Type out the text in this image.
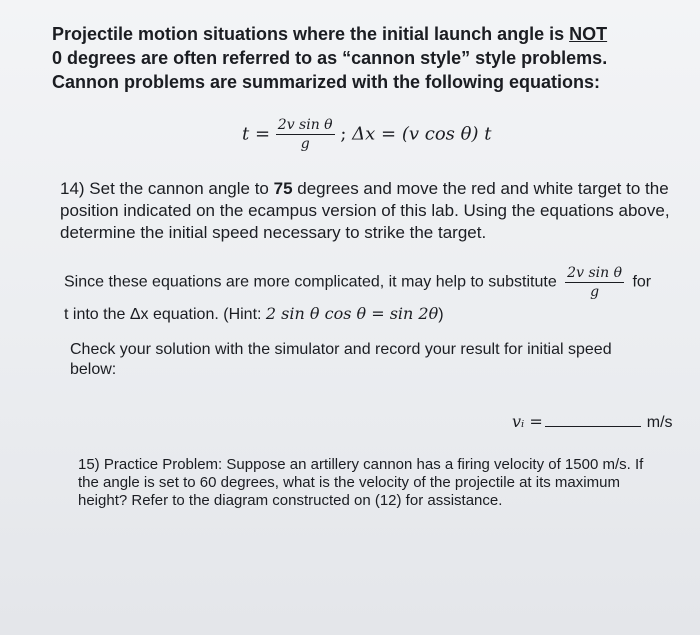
Projectile motion situations where the initial launch angle is NOT
0 degrees are often referred to as “cannon style” style problems.
Cannon problems are summarized with the following equations:
$t = \frac{\text{2v sin θ}}{g}$ ; Δx = (v cos θ) t
14) Set the cannon angle to 75 degrees and move the red and white target to the position indicated on the ecampus version of this lab. Using the equations above, determine the initial speed necessary to strike the target.
Since these equations are more complicated, it may help to substitute $\frac{\text{2v sin θ}}{g}$ for
t into the Δx equation. (Hint: 2 sin θ cos θ = sin 2θ)
Check your solution with the simulator and record your result for initial speed below:
vᵢ =	m/s
15) Practice Problem: Suppose an artillery cannon has a firing velocity of 1500 m/s. If the angle is set to 60 degrees, what is the velocity of the projectile at its maximum height? Refer to the diagram constructed on (12) for assistance.
